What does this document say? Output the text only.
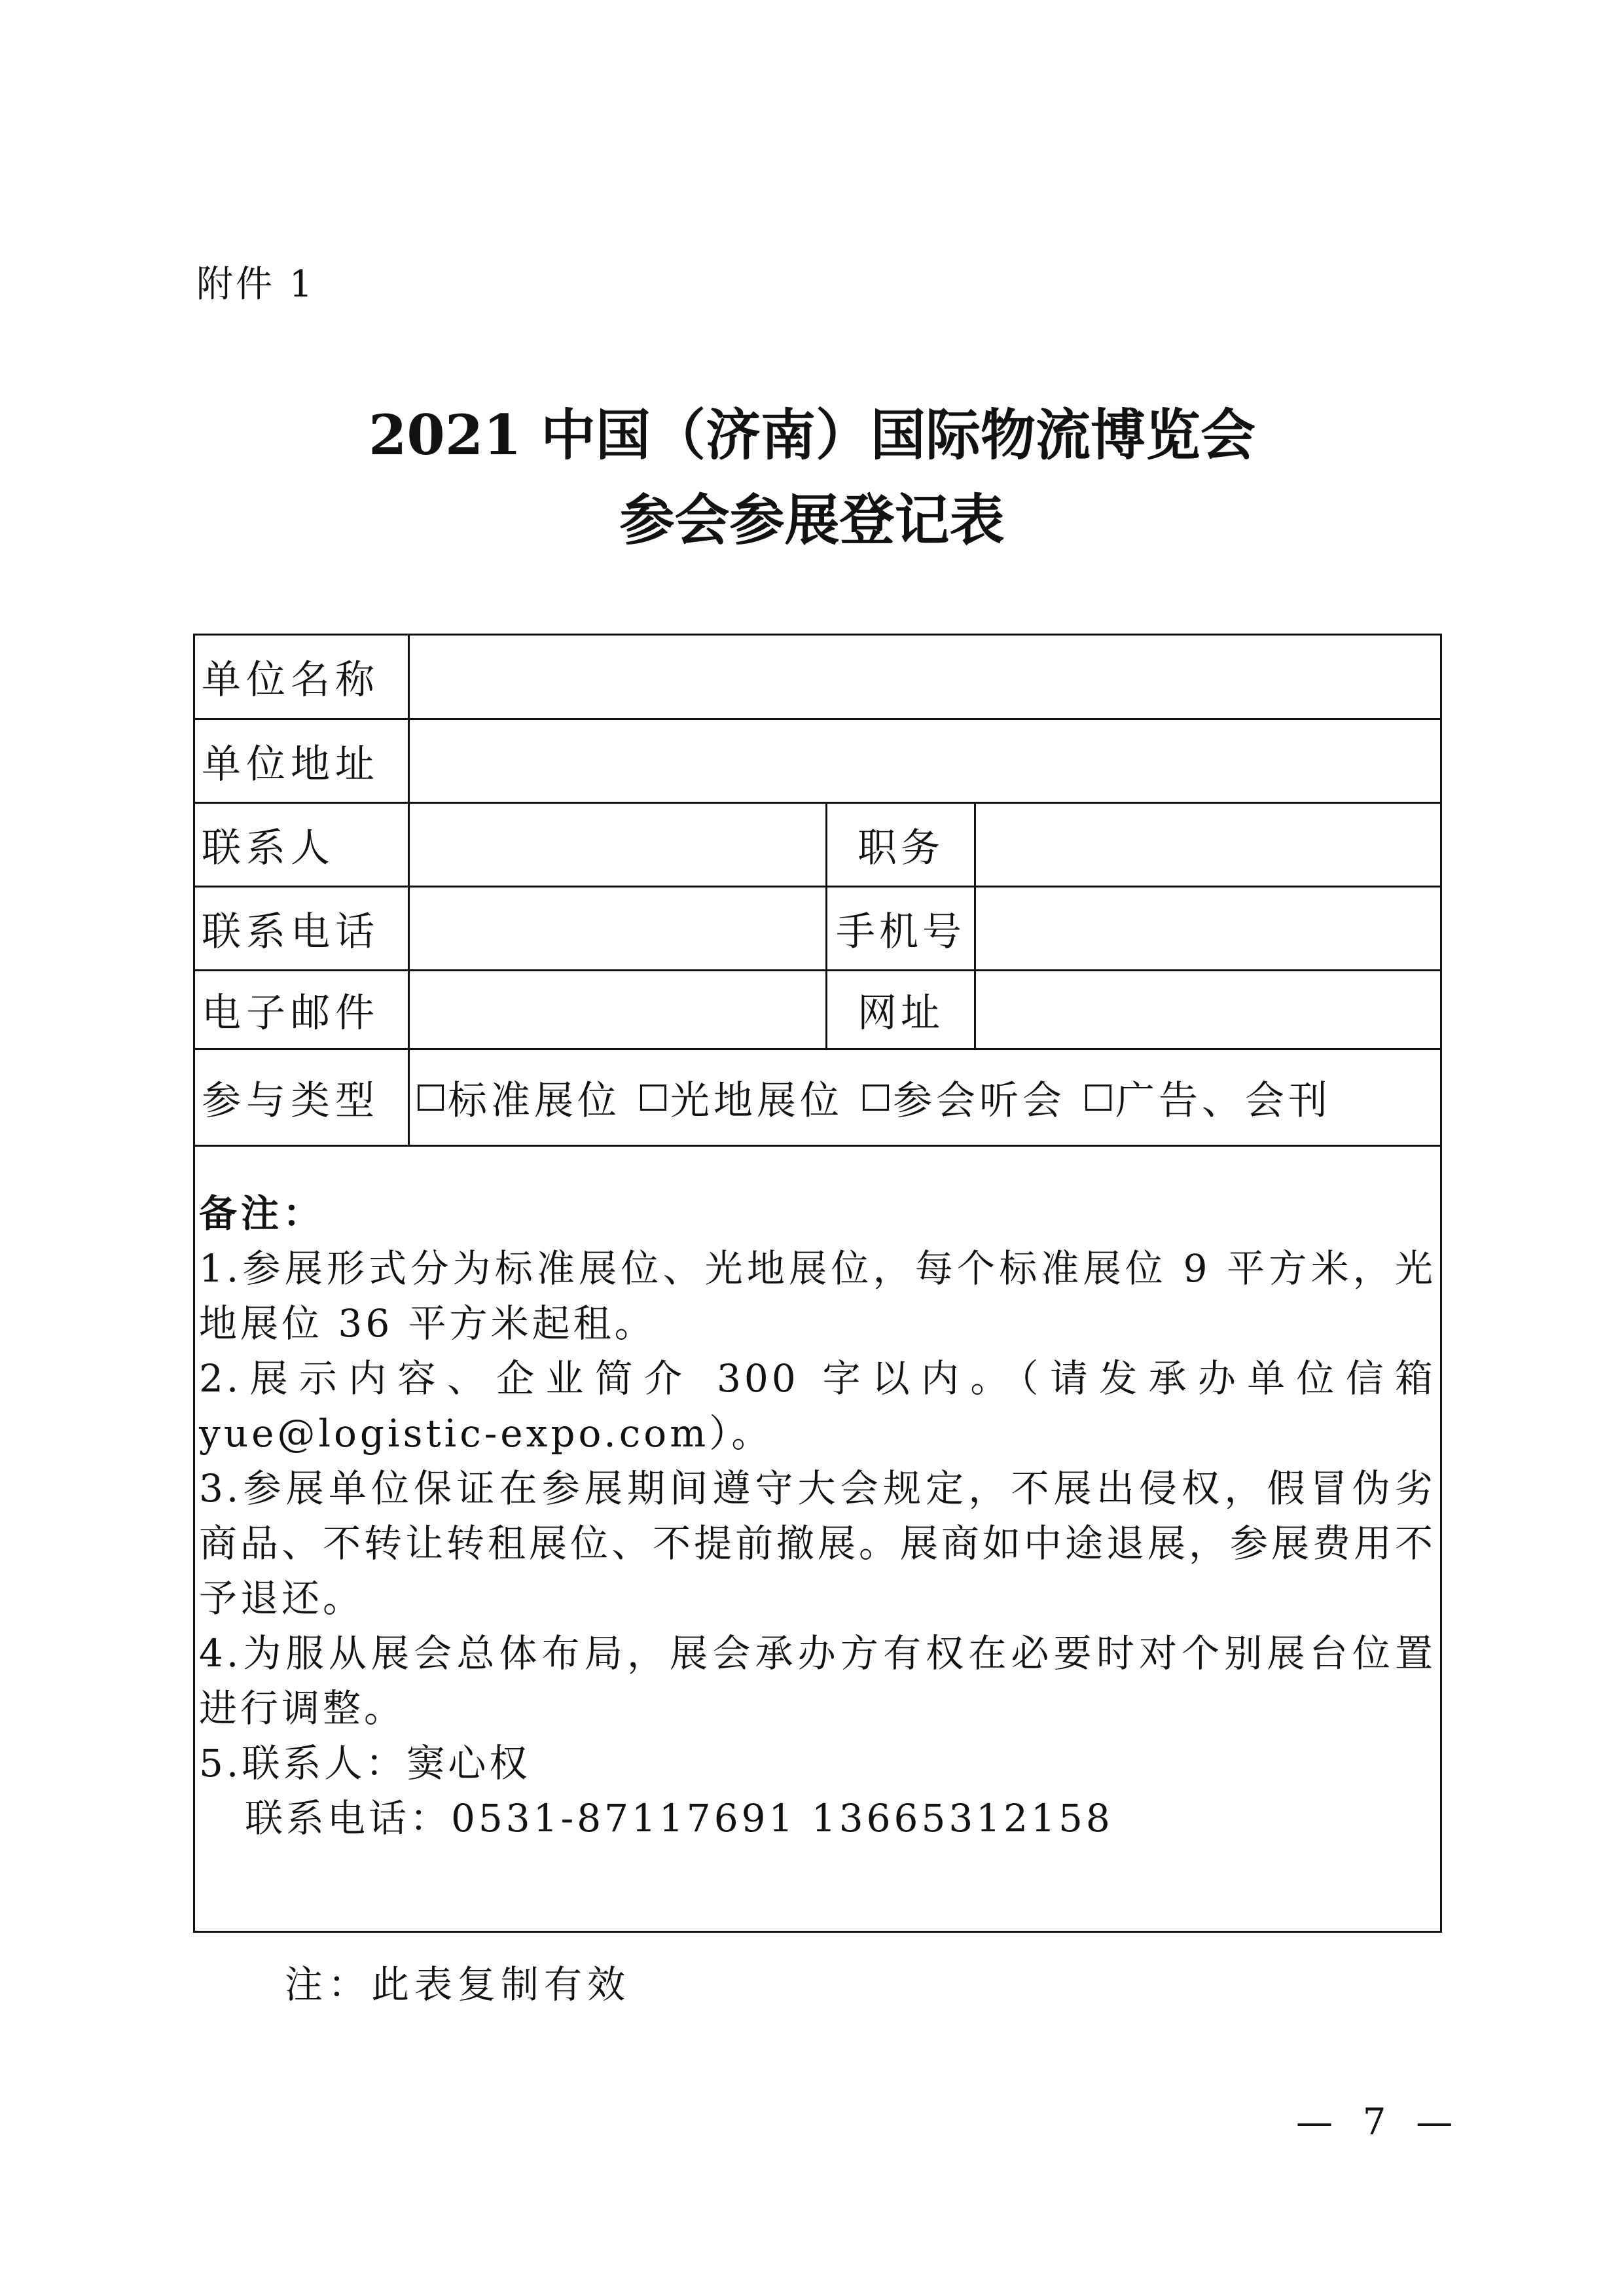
附件 1
2021 中国（济南）国际物流博览会
参会参展登记表
单位名称
单位地址
联系人	职务
联系电话	手机号
电子邮件	网址
参与类型	标准展位 光地展位 参会听会 广告、会刊
备注：
1.参展形式分为标准展位、光地展位，每个标准展位 9 平方米，光地展位 36 平方米起租。
2.展示内容、企业简介 300 字以内。（请发承办单位信箱yue@logistic-expo.com）。
3.参展单位保证在参展期间遵守大会规定，不展出侵权，假冒伪劣商品、不转让转租展位、不提前撤展。展商如中途退展，参展费用不予退还。
4.为服从展会总体布局，展会承办方有权在必要时对个别展台位置进行调整。
5.联系人：窦心权
联系电话：0531-87117691 13665312158
注：此表复制有效
— 7 —
